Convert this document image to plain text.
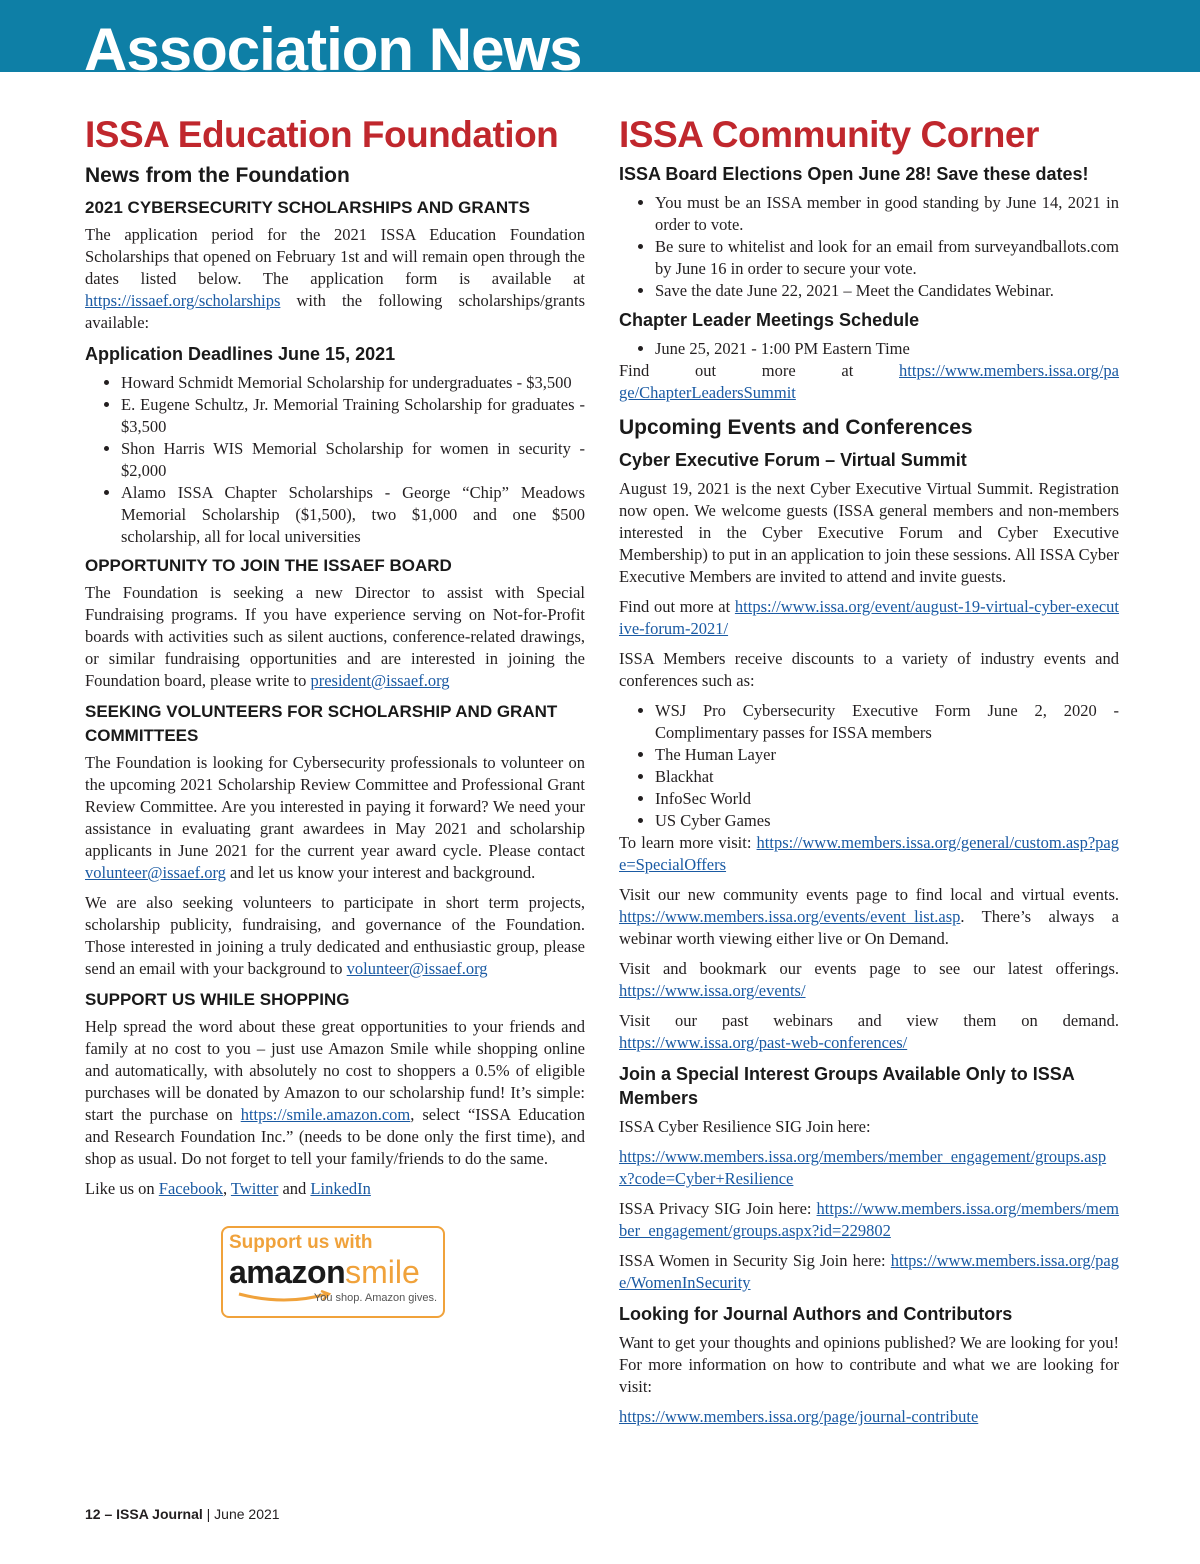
Association News
ISSA Education Foundation
News from the Foundation
2021 CYBERSECURITY SCHOLARSHIPS AND GRANTS

The application period for the 2021 ISSA Education Foundation Scholarships that opened on February 1st and will remain open through the dates listed below. The application form is available at https://issaef.org/scholarships with the following scholarships/grants available:

Application Deadlines June 15, 2021
• Howard Schmidt Memorial Scholarship for undergraduates - $3,500
• E. Eugene Schultz, Jr. Memorial Training Scholarship for graduates - $3,500
• Shon Harris WIS Memorial Scholarship for women in security - $2,000
• Alamo ISSA Chapter Scholarships - George “Chip” Meadows Memorial Scholarship ($1,500), two $1,000 and one $500 scholarship, all for local universities
OPPORTUNITY TO JOIN THE ISSAEF BOARD

The Foundation is seeking a new Director to assist with Special Fundraising programs. If you have experience serving on Not-for-Profit boards with activities such as silent auctions, conference-related drawings, or similar fundraising opportunities and are interested in joining the Foundation board, please write to president@issaef.org

SEEKING VOLUNTEERS FOR SCHOLARSHIP AND GRANT COMMITTEES

The Foundation is looking for Cybersecurity professionals to volunteer on the upcoming 2021 Scholarship Review Committee and Professional Grant Review Committee. Are you interested in paying it forward? We need your assistance in evaluating grant awardees in May 2021 and scholarship applicants in June 2021 for the current year award cycle. Please contact volunteer@issaef.org and let us know your interest and background.

We are also seeking volunteers to participate in short term projects, scholarship publicity, fundraising, and governance of the Foundation. Those interested in joining a truly dedicated and enthusiastic group, please send an email with your background to volunteer@issaef.org

SUPPORT US WHILE SHOPPING

Help spread the word about these great opportunities to your friends and family at no cost to you – just use Amazon Smile while shopping online and automatically, with absolutely no cost to shoppers a 0.5% of eligible purchases will be donated by Amazon to our scholarship fund! It’s simple: start the purchase on https://smile.amazon.com, select “ISSA Education and Research Foundation Inc.” (needs to be done only the first time), and shop as usual. Do not forget to tell your family/friends to do the same.

Like us on Facebook, Twitter and LinkedIn

Support us with
amazonsmile
You shop. Amazon gives.
ISSA Community Corner
ISSA Board Elections Open June 28! Save these dates!
• You must be an ISSA member in good standing by June 14, 2021 in order to vote.
• Be sure to whitelist and look for an email from surveyandballots.com by June 16 in order to secure your vote.
• Save the date June 22, 2021 – Meet the Candidates Webinar.
Chapter Leader Meetings Schedule
• June 25, 2021 - 1:00 PM Eastern Time

Find out more at	https://www.members.issa.org/page/ChapterLeadersSummit

Upcoming Events and Conferences
Cyber Executive Forum – Virtual Summit

August 19, 2021 is the next Cyber Executive Virtual Summit. Registration now open. We welcome guests (ISSA general members and non-members interested in the Cyber Executive Forum and Cyber Executive Membership) to put in an application to join these sessions. All ISSA Cyber Executive Members are invited to attend and invite guests.

Find out more at https://www.issa.org/event/august-19-virtual-cyber-executive-forum-2021/

ISSA Members receive discounts to a variety of industry events and conferences such as:

• WSJ Pro Cybersecurity Executive Form June 2, 2020 - Complimentary passes for ISSA members
• The Human Layer
• Blackhat
• InfoSec World
• US Cyber Games

To learn more visit: https://www.members.issa.org/general/custom.asp?page=SpecialOffers

Visit our new community events page to find local and virtual events. https://www.members.issa.org/events/event_list.asp. There’s always a webinar worth viewing either live or On Demand.

Visit and bookmark our events page to see our latest offerings. https://www.issa.org/events/

Visit our past webinars and view them on demand. https://www.issa.org/past-web-conferences/

Join a Special Interest Groups Available Only to ISSA Members

ISSA Cyber Resilience SIG Join here:

https://www.members.issa.org/members/member_engagement/groups.aspx?code=Cyber+Resilience

ISSA Privacy SIG Join here: https://www.members.issa.org/members/member_engagement/groups.aspx?id=229802

ISSA Women in Security Sig Join here: https://www.members.issa.org/page/WomenInSecurity

Looking for Journal Authors and Contributors

Want to get your thoughts and opinions published? We are looking for you! For more information on how to contribute and what we are looking for visit:

https://www.members.issa.org/page/journal-contribute

12 – ISSA Journal | June 2021
